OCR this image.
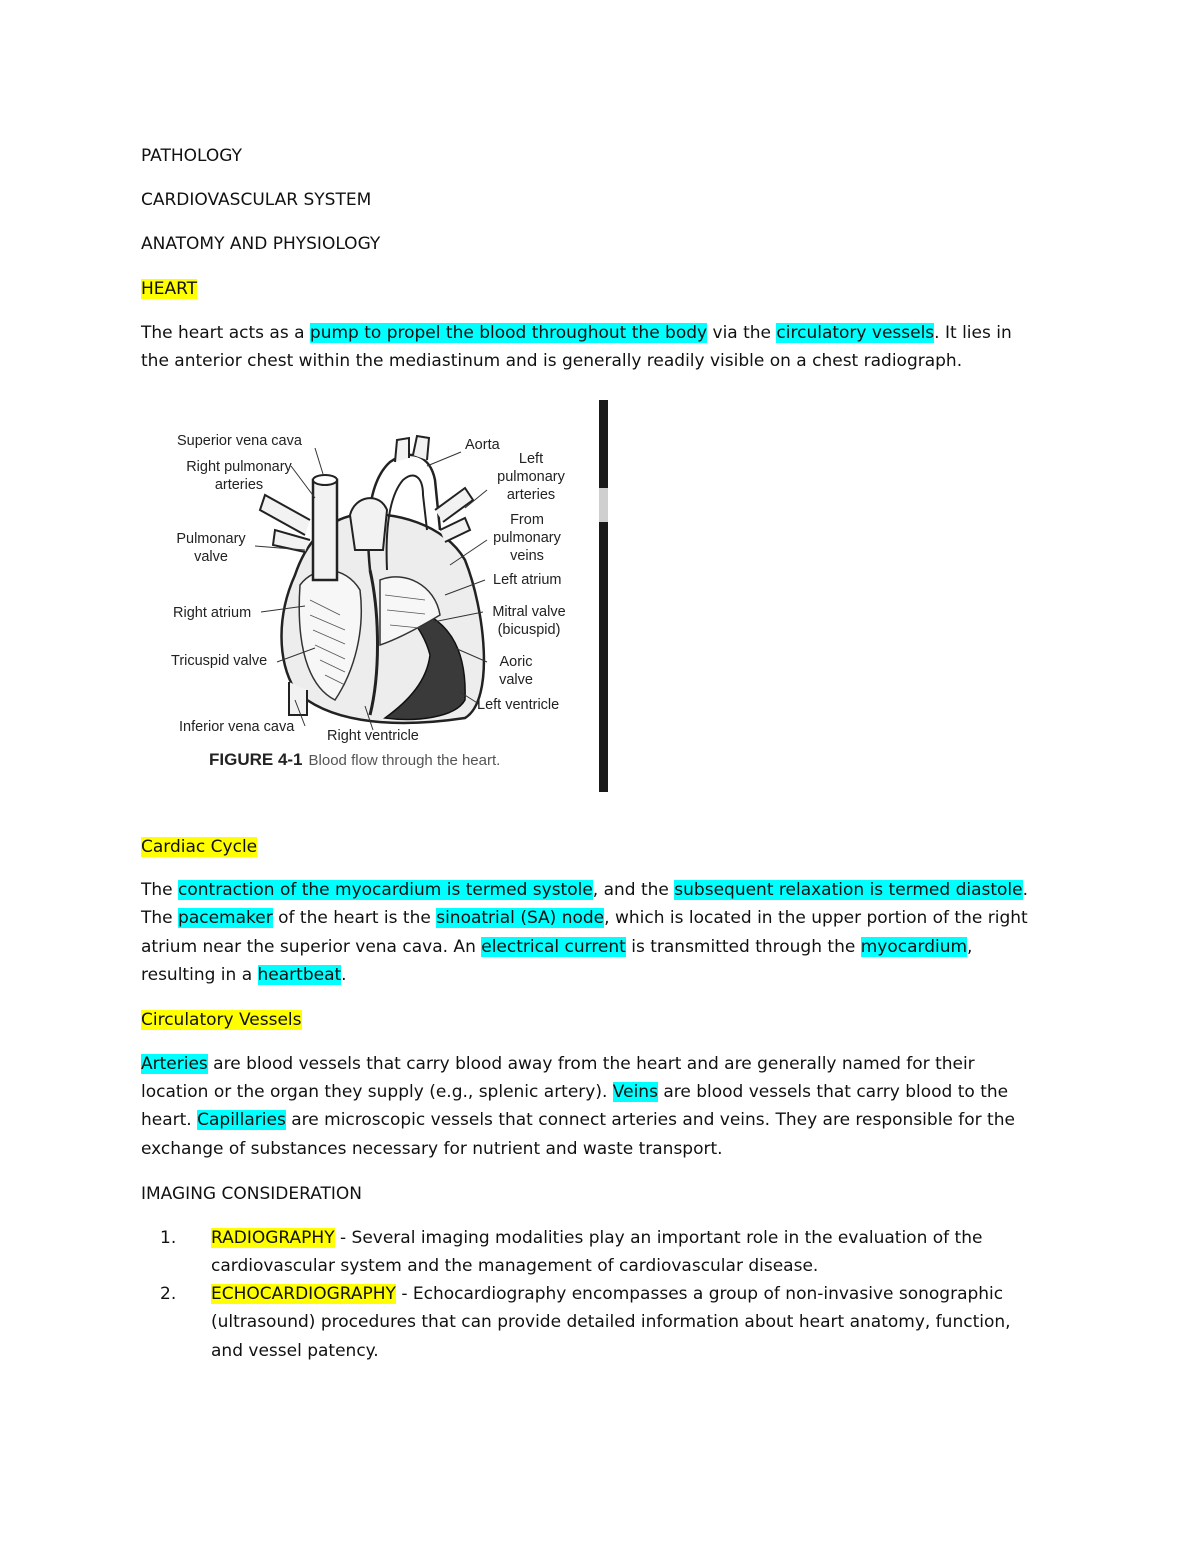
PATHOLOGY
CARDIOVASCULAR SYSTEM
ANATOMY AND PHYSIOLOGY
HEART
The heart acts as a pump to propel the blood throughout the body via the circulatory vessels. It lies in
the anterior chest within the mediastinum and is generally readily visible on a chest radiograph.
Superior vena cava
Right pulmonary
arteries
Pulmonary
valve
Right atrium
Tricuspid valve
Inferior vena cava
Right ventricle
Aorta
Left
pulmonary
arteries
From
pulmonary
veins
Left atrium
Mitral valve
(bicuspid)
Aoric
valve
Left ventricle
FIGURE 4-1 Blood flow through the heart.
Cardiac Cycle
The contraction of the myocardium is termed systole, and the subsequent relaxation is termed diastole.
The pacemaker of the heart is the sinoatrial (SA) node, which is located in the upper portion of the right
atrium near the superior vena cava. An electrical current is transmitted through the myocardium,
resulting in a heartbeat.
Circulatory Vessels
Arteries are blood vessels that carry blood away from the heart and are generally named for their
location or the organ they supply (e.g., splenic artery). Veins are blood vessels that carry blood to the
heart. Capillaries are microscopic vessels that connect arteries and veins. They are responsible for the
exchange of substances necessary for nutrient and waste transport.
IMAGING CONSIDERATION
1. RADIOGRAPHY - Several imaging modalities play an important role in the evaluation of the
cardiovascular system and the management of cardiovascular disease.
2. ECHOCARDIOGRAPHY - Echocardiography encompasses a group of non-invasive sonographic
(ultrasound) procedures that can provide detailed information about heart anatomy, function,
and vessel patency.
